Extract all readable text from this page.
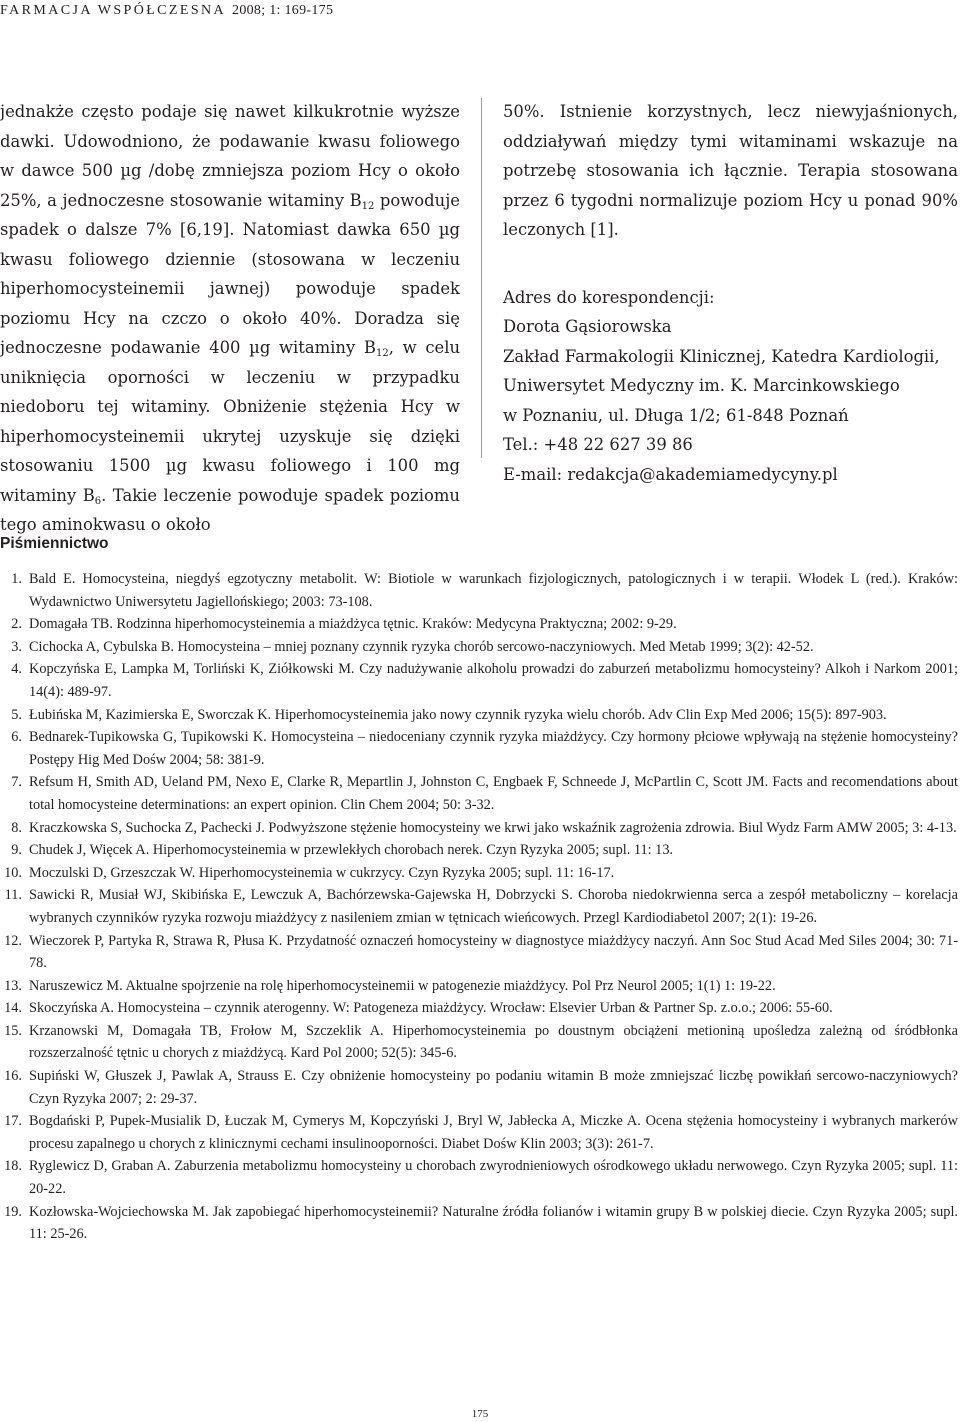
FARMACJA WSPÓŁCZESNA 2008; 1: 169-175

jednakże często podaje się nawet kilkukrotnie wyższe dawki. Udowodniono, że podawanie kwasu foliowego w dawce 500 µg /dobę zmniejsza poziom Hcy o około 25%, a jednoczesne stosowanie witaminy $B_{12}$ powoduje spadek o dalsze 7% [6,19]. Natomiast dawka 650 µg kwasu foliowego dziennie (stosowana w leczeniu hiperhomocysteinemii jawnej) powoduje spadek poziomu Hcy na czczo o około 40%. Doradza się jednoczesne podawanie 400 µg witaminy $B_{12}$, w celu uniknięcia oporności w leczeniu w przypadku niedoboru tej witaminy. Obniżenie stężenia Hcy w hiperhomocysteinemii ukrytej uzyskuje się dzięki stosowaniu 1500 µg kwasu foliowego i 100 mg witaminy $B_6$. Takie leczenie powoduje spadek poziomu tego aminokwasu o około

50%. Istnienie korzystnych, lecz niewyjaśnionych, oddziaływań między tymi witaminami wskazuje na potrzebę stosowania ich łącznie. Terapia stosowana przez 6 tygodni normalizuje poziom Hcy u ponad 90% leczonych [1].

Adres do korespondencji:
Dorota Gąsiorowska
Zakład Farmakologii Klinicznej, Katedra Kardiologii,
Uniwersytet Medyczny im. K. Marcinkowskiego
w Poznaniu, ul. Długa 1/2; 61-848 Poznań
Tel.: +48 22 627 39 86
E-mail: redakcja@akademiamedycyny.pl
Piśmiennictwo
1. Bald E. Homocysteina, niegdyś egzotyczny metabolit. W: Biotiole w warunkach fizjologicznych, patologicznych i w terapii. Włodek L (red.). Kraków: Wydawnictwo Uniwersytetu Jagiellońskiego; 2003: 73-108.
2. Domagała TB. Rodzinna hiperhomocysteinemia a miażdżyca tętnic. Kraków: Medycyna Praktyczna; 2002: 9-29.
3. Cichocka A, Cybulska B. Homocysteina – mniej poznany czynnik ryzyka chorób sercowo-naczyniowych. Med Metab 1999; 3(2): 42-52.
4. Kopczyńska E, Lampka M, Torliński K, Ziółkowski M. Czy nadużywanie alkoholu prowadzi do zaburzeń metabolizmu homocysteiny? Alkoh i Narkom 2001; 14(4): 489-97.
5. Łubińska M, Kazimierska E, Sworczak K. Hiperhomocysteinemia jako nowy czynnik ryzyka wielu chorób. Adv Clin Exp Med 2006; 15(5): 897-903.
6. Bednarek-Tupikowska G, Tupikowski K. Homocysteina – niedoceniany czynnik ryzyka miażdżycy. Czy hormony płciowe wpływają na stężenie homocysteiny? Postępy Hig Med Dośw 2004; 58: 381-9.
7. Refsum H, Smith AD, Ueland PM, Nexo E, Clarke R, Mepartlin J, Johnston C, Engbaek F, Schneede J, McPartlin C, Scott JM. Facts and recomendations about total homocysteine determinations: an expert opinion. Clin Chem 2004; 50: 3-32.
8. Kraczkowska S, Suchocka Z, Pachecki J. Podwyższone stężenie homocysteiny we krwi jako wskaźnik zagrożenia zdrowia. Biul Wydz Farm AMW 2005; 3: 4-13.
9. Chudek J, Więcek A. Hiperhomocysteinemia w przewlekłych chorobach nerek. Czyn Ryzyka 2005; supl. 11: 13.
10. Moczulski D, Grzeszczak W. Hiperhomocysteinemia w cukrzycy. Czyn Ryzyka 2005; supl. 11: 16-17.
11. Sawicki R, Musiał WJ, Skibińska E, Lewczuk A, Bachórzewska-Gajewska H, Dobrzycki S. Choroba niedokrwienna serca a zespół metaboliczny – korelacja wybranych czynników ryzyka rozwoju miażdżycy z nasileniem zmian w tętnicach wieńcowych. Przegl Kardiodiabetol 2007; 2(1): 19-26.
12. Wieczorek P, Partyka R, Strawa R, Płusa K. Przydatność oznaczeń homocysteiny w diagnostyce miażdżycy naczyń. Ann Soc Stud Acad Med Siles 2004; 30: 71-78.
13. Naruszewicz M. Aktualne spojrzenie na rolę hiperhomocysteinemii w patogenezie miażdżycy. Pol Prz Neurol 2005; 1(1) 1: 19-22.
14. Skoczyńska A. Homocysteina – czynnik aterogenny. W: Patogeneza miażdżycy. Wrocław: Elsevier Urban & Partner Sp. z.o.o.; 2006: 55-60.
15. Krzanowski M, Domagała TB, Frołow M, Szczeklik A. Hiperhomocysteinemia po doustnym obciążeni metioniną upośledza zależną od śródbłonka rozszerzalność tętnic u chorych z miażdżycą. Kard Pol 2000; 52(5): 345-6.
16. Supiński W, Głuszek J, Pawlak A, Strauss E. Czy obniżenie homocysteiny po podaniu witamin B może zmniejszać liczbę powikłań sercowo-naczyniowych? Czyn Ryzyka 2007; 2: 29-37.
17. Bogdański P, Pupek-Musialik D, Łuczak M, Cymerys M, Kopczyński J, Bryl W, Jabłecka A, Miczke A. Ocena stężenia homocysteiny i wybranych markerów procesu zapalnego u chorych z klinicznymi cechami insulinooporności. Diabet Dośw Klin 2003; 3(3): 261-7.
18. Ryglewicz D, Graban A. Zaburzenia metabolizmu homocysteiny u chorobach zwyrodnieniowych ośrodkowego układu nerwowego. Czyn Ryzyka 2005; supl. 11: 20-22.
19. Kozłowska-Wojciechowska M. Jak zapobiegać hiperhomocysteinemii? Naturalne źródła folianów i witamin grupy B w polskiej diecie. Czyn Ryzyka 2005; supl. 11: 25-26.
175
